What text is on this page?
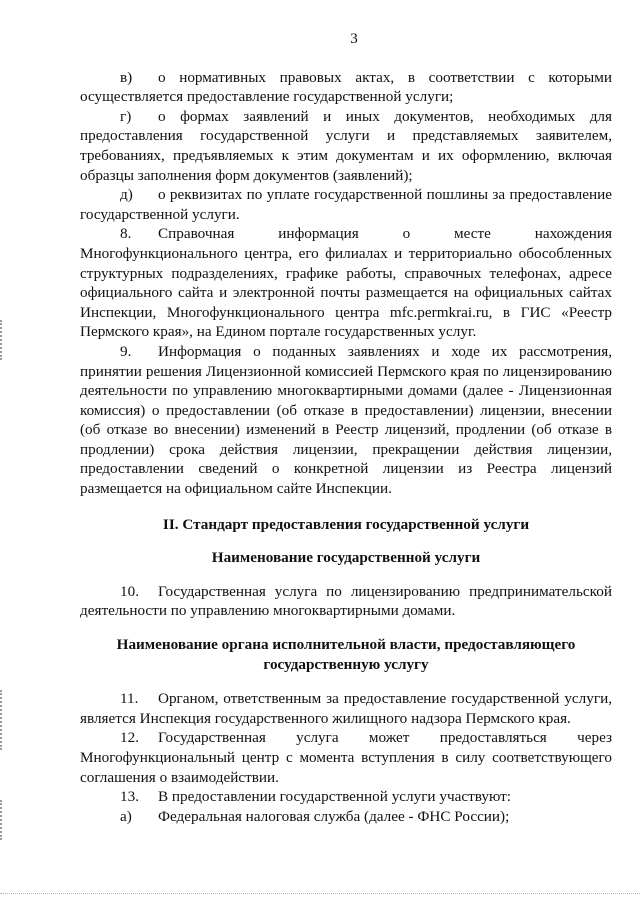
3

в) о нормативных правовых актах, в соответствии с которыми осуществляется предоставление государственной услуги;

г) о формах заявлений и иных документов, необходимых для предоставления государственной услуги и представляемых заявителем, требованиях, предъявляемых к этим документам и их оформлению, включая образцы заполнения форм документов (заявлений);

д) о реквизитах по уплате государственной пошлины за предоставление государственной услуги.

8. Справочная информация о месте нахождения Многофункционального центра, его филиалах и территориально обособленных структурных подразделениях, графике работы, справочных телефонах, адресе официального сайта и электронной почты размещается на официальных сайтах Инспекции, Многофункционального центра mfc.permkrai.ru, в ГИС «Реестр Пермского края», на Едином портале государственных услуг.

9. Информация о поданных заявлениях и ходе их рассмотрения, принятии решения Лицензионной комиссией Пермского края по лицензированию деятельности по управлению многоквартирными домами (далее - Лицензионная комиссия) о предоставлении (об отказе в предоставлении) лицензии, внесении (об отказе во внесении) изменений в Реестр лицензий, продлении (об отказе в продлении) срока действия лицензии, прекращении действия лицензии, предоставлении сведений о конкретной лицензии из Реестра лицензий размещается на официальном сайте Инспекции.

II. Стандарт предоставления государственной услуги
Наименование государственной услуги

10. Государственная услуга по лицензированию предпринимательской деятельности по управлению многоквартирными домами.

Наименование органа исполнительной власти, предоставляющего
государственную услугу

11. Органом, ответственным за предоставление государственной услуги, является Инспекция государственного жилищного надзора Пермского края.

12. Государственная услуга может предоставляться через Многофункциональный центр с момента вступления в силу соответствующего соглашения о взаимодействии.

13. В предоставлении государственной услуги участвуют:

а) Федеральная налоговая служба (далее - ФНС России);
